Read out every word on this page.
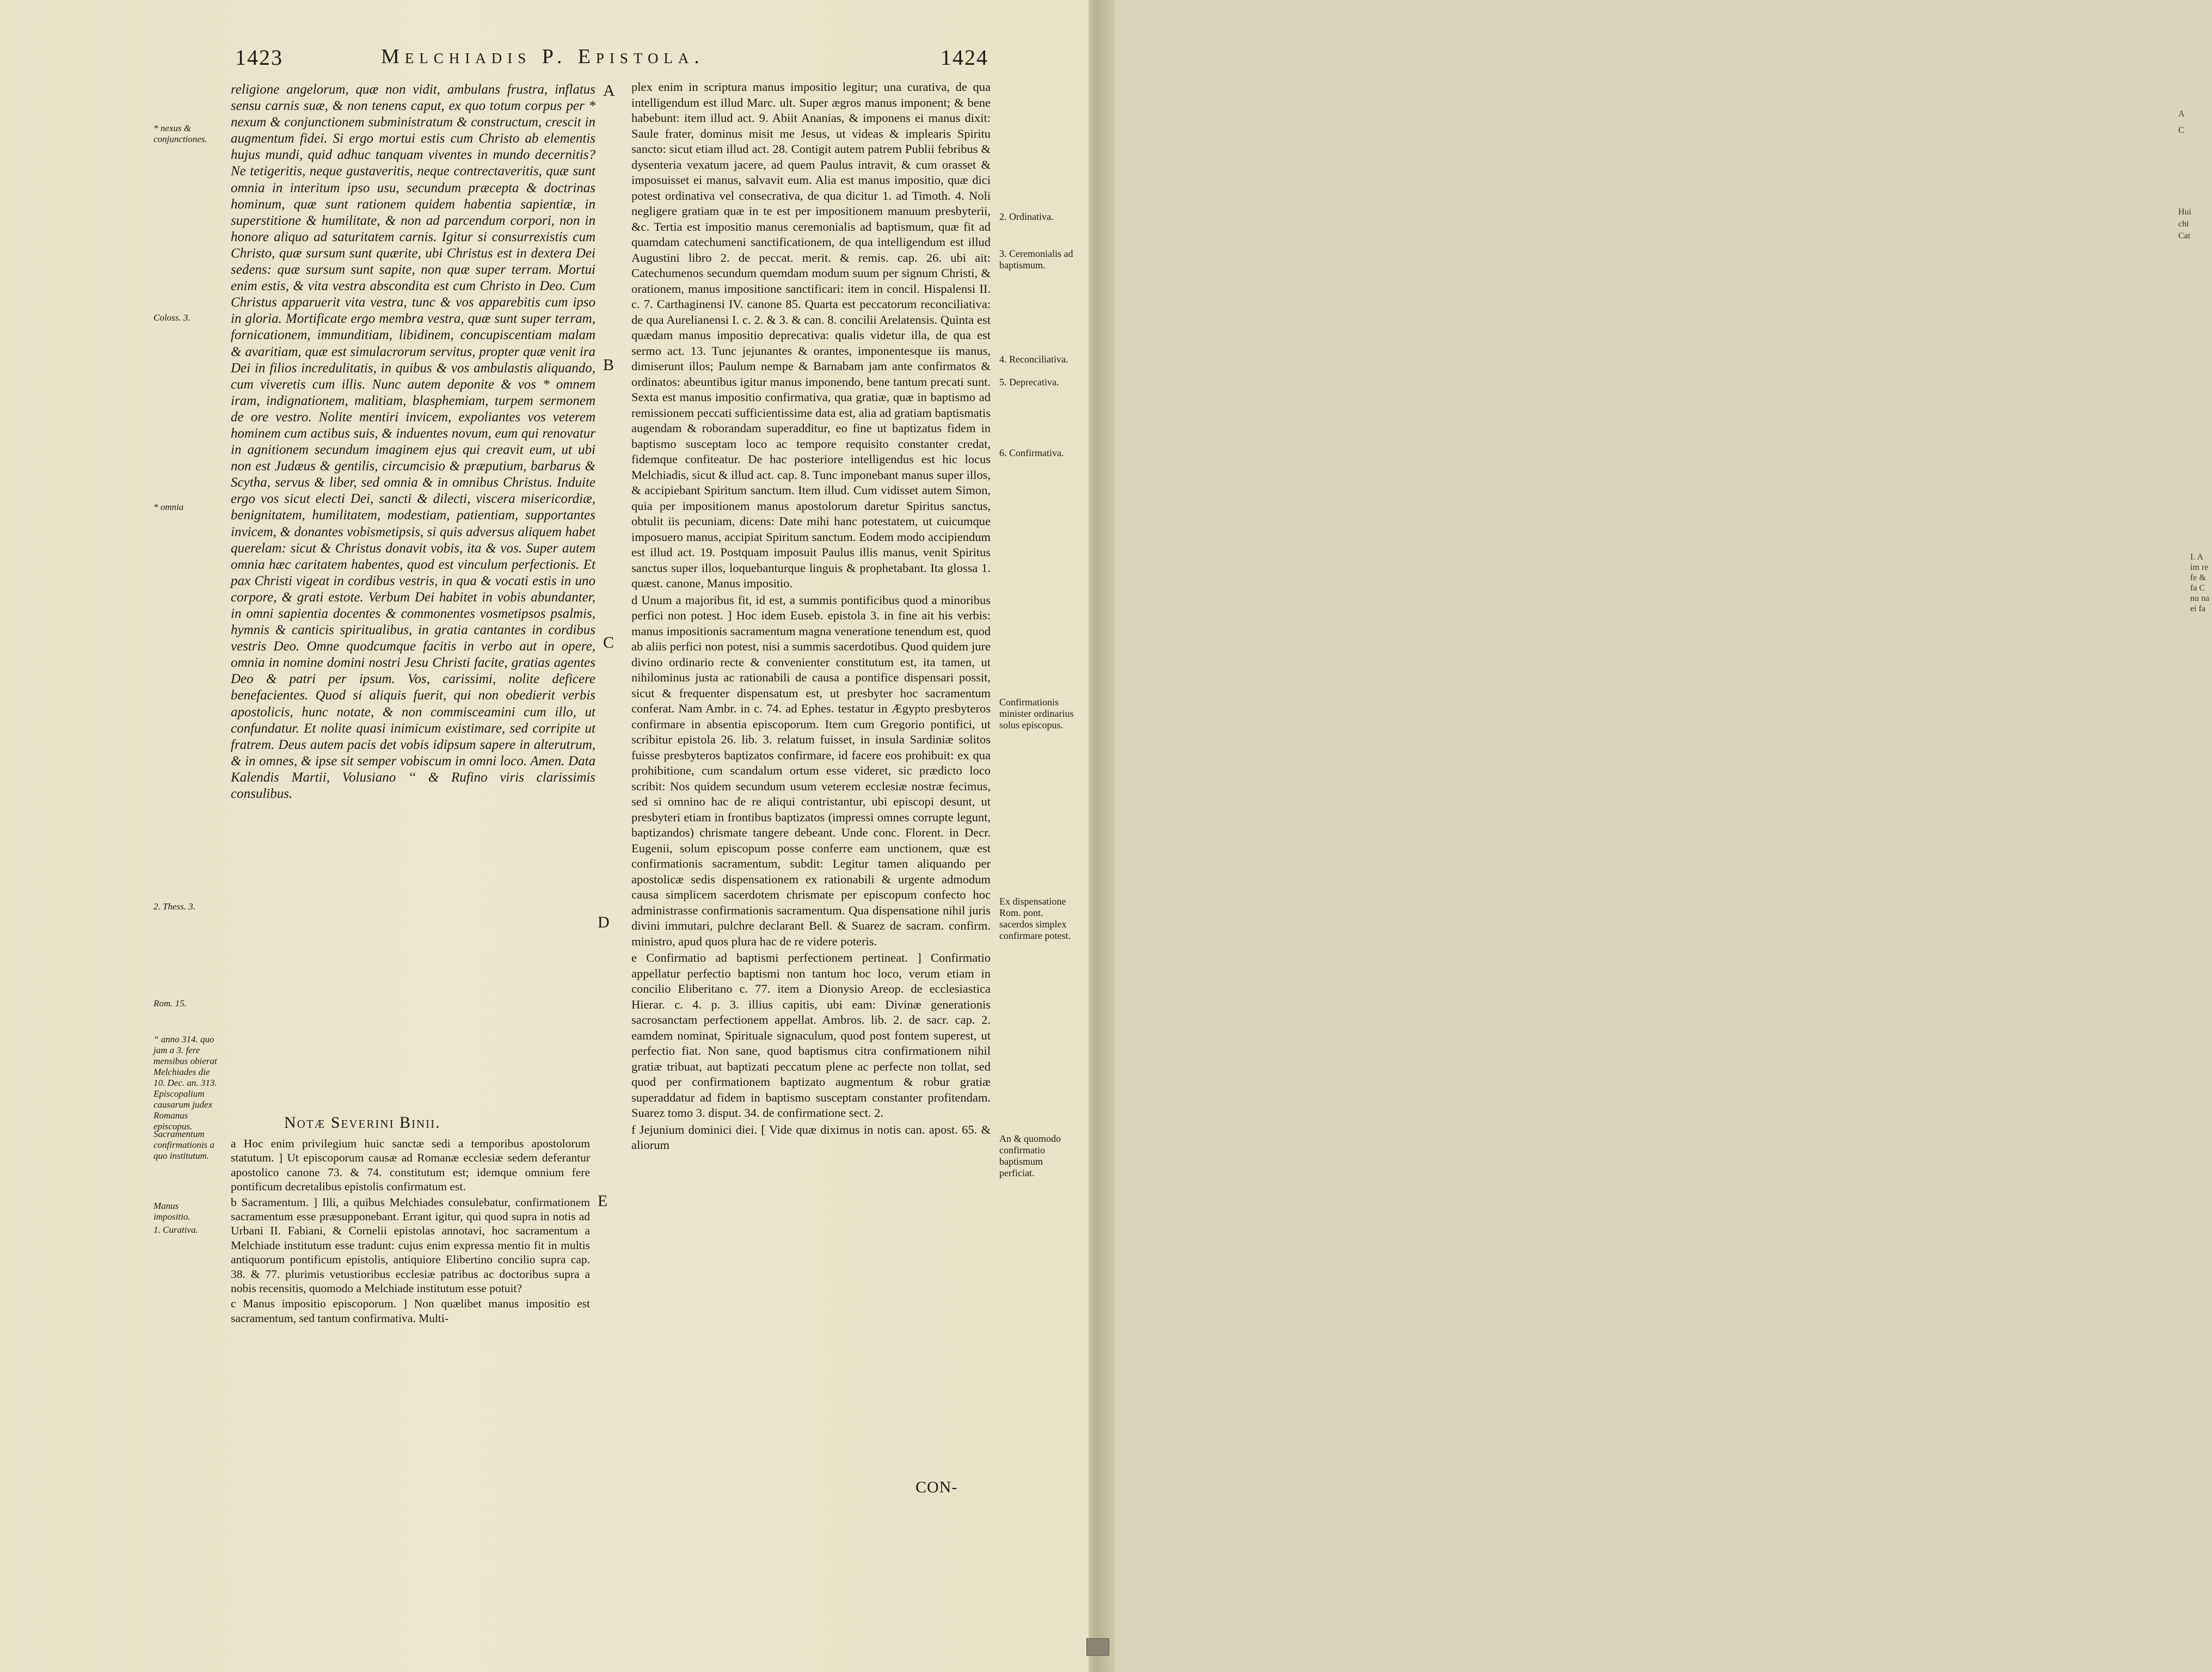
1423	Melchiadis P. Epistola.	1424
* nexus & conjunctiones.
Coloss. 3.
* omnia
2. Thess. 3.
Rom. 15.
“ anno 314. quo jam a 3. fere mensibus obierat Melchiades die 10. Dec. an. 313.
Episcopalium causarum judex Romanus episcopus.
Sacramentum confirmationis a quo institutum.
Manus impositio.
1. Curativa.

religione angelorum, quæ non vidit, ambulans frustra, inflatus sensu carnis suæ, & non tenens caput, ex quo totum corpus per * nexum & conjunctionem subministratum & constructum, crescit in augmentum fidei. Si ergo mortui estis cum Christo ab elementis hujus mundi, quid adhuc tanquam viventes in mundo decernitis? Ne tetigeritis, neque gustaveritis, neque contrectaveritis, quæ sunt omnia in interitum ipso usu, secundum præcepta & doctrinas hominum, quæ sunt rationem quidem habentia sapientiæ, in superstitione & humilitate, & non ad parcendum corpori, non in honore aliquo ad saturitatem carnis. Igitur si consurrexistis cum Christo, quæ sursum sunt quærite, ubi Christus est in dextera Dei sedens: quæ sursum sunt sapite, non quæ super terram. Mortui enim estis, & vita vestra abscondita est cum Christo in Deo. Cum Christus apparuerit vita vestra, tunc & vos apparebitis cum ipso in gloria. Mortificate ergo membra vestra, quæ sunt super terram, fornicationem, immunditiam, libidinem, concupiscentiam malam & avaritiam, quæ est simulacrorum servitus, propter quæ venit ira Dei in filios incredulitatis, in quibus & vos ambulastis aliquando, cum viveretis cum illis. Nunc autem deponite & vos * omnem iram, indignationem, malitiam, blasphemiam, turpem sermonem de ore vestro. Nolite mentiri invicem, expoliantes vos veterem hominem cum actibus suis, & induentes novum, eum qui renovatur in agnitionem secundum imaginem ejus qui creavit eum, ut ubi non est Judæus & gentilis, circumcisio & præputium, barbarus & Scytha, servus & liber, sed omnia & in omnibus Christus. Induite ergo vos sicut electi Dei, sancti & dilecti, viscera misericordiæ, benignitatem, humilitatem, modestiam, patientiam, supportantes invicem, & donantes vobismetipsis, si quis adversus aliquem habet querelam: sicut & Christus donavit vobis, ita & vos. Super autem omnia hæc caritatem habentes, quod est vinculum perfectionis. Et pax Christi vigeat in cordibus vestris, in qua & vocati estis in uno corpore, & grati estote. Verbum Dei habitet in vobis abundanter, in omni sapientia docentes & commonentes vosmetipsos psalmis, hymnis & canticis spiritualibus, in gratia cantantes in cordibus vestris Deo. Omne quodcumque facitis in verbo aut in opere, omnia in nomine domini nostri Jesu Christi facite, gratias agentes Deo & patri per ipsum. Vos, carissimi, nolite deficere benefacientes. Quod si aliquis fuerit, qui non obedierit verbis apostolicis, hunc notate, & non commisceamini cum illo, ut confundatur. Et nolite quasi inimicum existimare, sed corripite ut fratrem. Deus autem pacis det vobis idipsum sapere in alterutrum, & in omnes, & ipse sit semper vobiscum in omni loco. Amen. Data Kalendis Martii, Volusiano ‘‘ & Rufino viris clarissimis consulibus.

Notæ Severini Binii.

a Hoc enim privilegium huic sanctæ sedi a temporibus apostolorum statutum. ] Ut episcoporum causæ ad Romanæ ecclesiæ sedem deferantur apostolico canone 73. & 74. constitutum est; idemque omnium fere pontificum decretalibus epistolis confirmatum est.

b Sacramentum. ] Illi, a quibus Melchiades consulebatur, confirmationem sacramentum esse præsupponebant. Errant igitur, qui quod supra in notis ad Urbani II. Fabiani, & Cornelii epistolas annotavi, hoc sacramentum a Melchiade institutum esse tradunt: cujus enim expressa mentio fit in multis antiquorum pontificum epistolis, antiquiore Elibertino concilio supra cap. 38. & 77. plurimis vetustioribus ecclesiæ patribus ac doctoribus supra a nobis recensitis, quomodo a Melchiade institutum esse potuit?

c Manus impositio episcoporum. ] Non quælibet manus impositio est sacramentum, sed tantum confirmativa. Multi-

A
B
C
D
E

plex enim in scriptura manus impositio legitur; una curativa, de qua intelligendum est illud Marc. ult. Super ægros manus imponent; & bene habebunt: item illud act. 9. Abiit Ananias, & imponens ei manus dixit: Saule frater, dominus misit me Jesus, ut videas & implearis Spiritu sancto: sicut etiam illud act. 28. Contigit autem patrem Publii febribus & dysenteria vexatum jacere, ad quem Paulus intravit, & cum orasset & imposuisset ei manus, salvavit eum. Alia est manus impositio, quæ dici potest ordinativa vel consecrativa, de qua dicitur 1. ad Timoth. 4. Noli negligere gratiam quæ in te est per impositionem manuum presbyterii, &c. Tertia est impositio manus ceremonialis ad baptismum, quæ fit ad quamdam catechumeni sanctificationem, de qua intelligendum est illud Augustini libro 2. de peccat. merit. & remis. cap. 26. ubi ait: Catechumenos secundum quemdam modum suum per signum Christi, & orationem, manus impositione sanctificari: item in concil. Hispalensi II. c. 7. Carthaginensi IV. canone 85. Quarta est peccatorum reconciliativa: de qua Aurelianensi I. c. 2. & 3. & can. 8. concilii Arelatensis. Quinta est quædam manus impositio deprecativa: qualis videtur illa, de qua est sermo act. 13. Tunc jejunantes & orantes, imponentesque iis manus, dimiserunt illos; Paulum nempe & Barnabam jam ante confirmatos & ordinatos: abeuntibus igitur manus imponendo, bene tantum precati sunt. Sexta est manus impositio confirmativa, qua gratiæ, quæ in baptismo ad remissionem peccati sufficientissime data est, alia ad gratiam baptismatis augendam & roborandam superadditur, eo fine ut baptizatus fidem in baptismo susceptam loco ac tempore requisito constanter credat, fidemque confiteatur. De hac posteriore intelligendus est hic locus Melchiadis, sicut & illud act. cap. 8. Tunc imponebant manus super illos, & accipiebant Spiritum sanctum. Item illud. Cum vidisset autem Simon, quia per impositionem manus apostolorum daretur Spiritus sanctus, obtulit iis pecuniam, dicens: Date mihi hanc potestatem, ut cuicumque imposuero manus, accipiat Spiritum sanctum. Eodem modo accipiendum est illud act. 19. Postquam imposuit Paulus illis manus, venit Spiritus sanctus super illos, loquebanturque linguis & prophetabant. Ita glossa 1. quæst. canone, Manus impositio.

d Unum a majoribus fit, id est, a summis pontificibus quod a minoribus perfici non potest. ] Hoc idem Euseb. epistola 3. in fine ait his verbis: manus impositionis sacramentum magna veneratione tenendum est, quod ab aliis perfici non potest, nisi a summis sacerdotibus. Quod quidem jure divino ordinario recte & convenienter constitutum est, ita tamen, ut nihilominus justa ac rationabili de causa a pontifice dispensari possit, sicut & frequenter dispensatum est, ut presbyter hoc sacramentum conferat. Nam Ambr. in c. 74. ad Ephes. testatur in Ægypto presbyteros confirmare in absentia episcoporum. Item cum Gregorio pontifici, ut scribitur epistola 26. lib. 3. relatum fuisset, in insula Sardiniæ solitos fuisse presbyteros baptizatos confirmare, id facere eos prohibuit: ex qua prohibitione, cum scandalum ortum esse videret, sic prædicto loco scribit: Nos quidem secundum usum veterem ecclesiæ nostræ fecimus, sed si omnino hac de re aliqui contristantur, ubi episcopi desunt, ut presbyteri etiam in frontibus baptizatos (impressi omnes corrupte legunt, baptizandos) chrismate tangere debeant. Unde conc. Florent. in Decr. Eugenii, solum episcopum posse conferre eam unctionem, quæ est confirmationis sacramentum, subdit: Legitur tamen aliquando per apostolicæ sedis dispensationem ex rationabili & urgente admodum causa simplicem sacerdotem chrismate per episcopum confecto hoc administrasse confirmationis sacramentum. Qua dispensatione nihil juris divini immutari, pulchre declarant Bell. & Suarez de sacram. confirm. ministro, apud quos plura hac de re videre poteris.

e Confirmatio ad baptismi perfectionem pertineat. ] Confirmatio appellatur perfectio baptismi non tantum hoc loco, verum etiam in concilio Eliberitano c. 77. item a Dionysio Areop. de ecclesiastica Hierar. c. 4. p. 3. illius capitis, ubi eam: Divinæ generationis sacrosanctam perfectionem appellat. Ambros. lib. 2. de sacr. cap. 2. eamdem nominat, Spirituale signaculum, quod post fontem superest, ut perfectio fiat. Non sane, quod baptismus citra confirmationem nihil gratiæ tribuat, aut baptizati peccatum plene ac perfecte non tollat, sed quod per confirmationem baptizato augmentum & robur gratiæ superaddatur ad fidem in baptismo susceptam constanter profitendam. Suarez tomo 3. disput. 34. de confirmatione sect. 2.

f Jejunium dominici diei. [ Vide quæ diximus in notis can. apost. 65. & aliorum

2. Ordinativa.
3. Ceremonialis ad baptismum.
4. Reconciliativa.
5. Deprecativa.
6. Confirmativa.
Confirmationis minister ordinarius solus episcopus.
Ex dispensatione Rom. pont. sacerdos simplex confirmare potest.
An & quomodo confirmatio baptismum perficiat.
CON-
A
C
Hui
chi
Cat
I. A im re fe & fa C nu na ei fa
